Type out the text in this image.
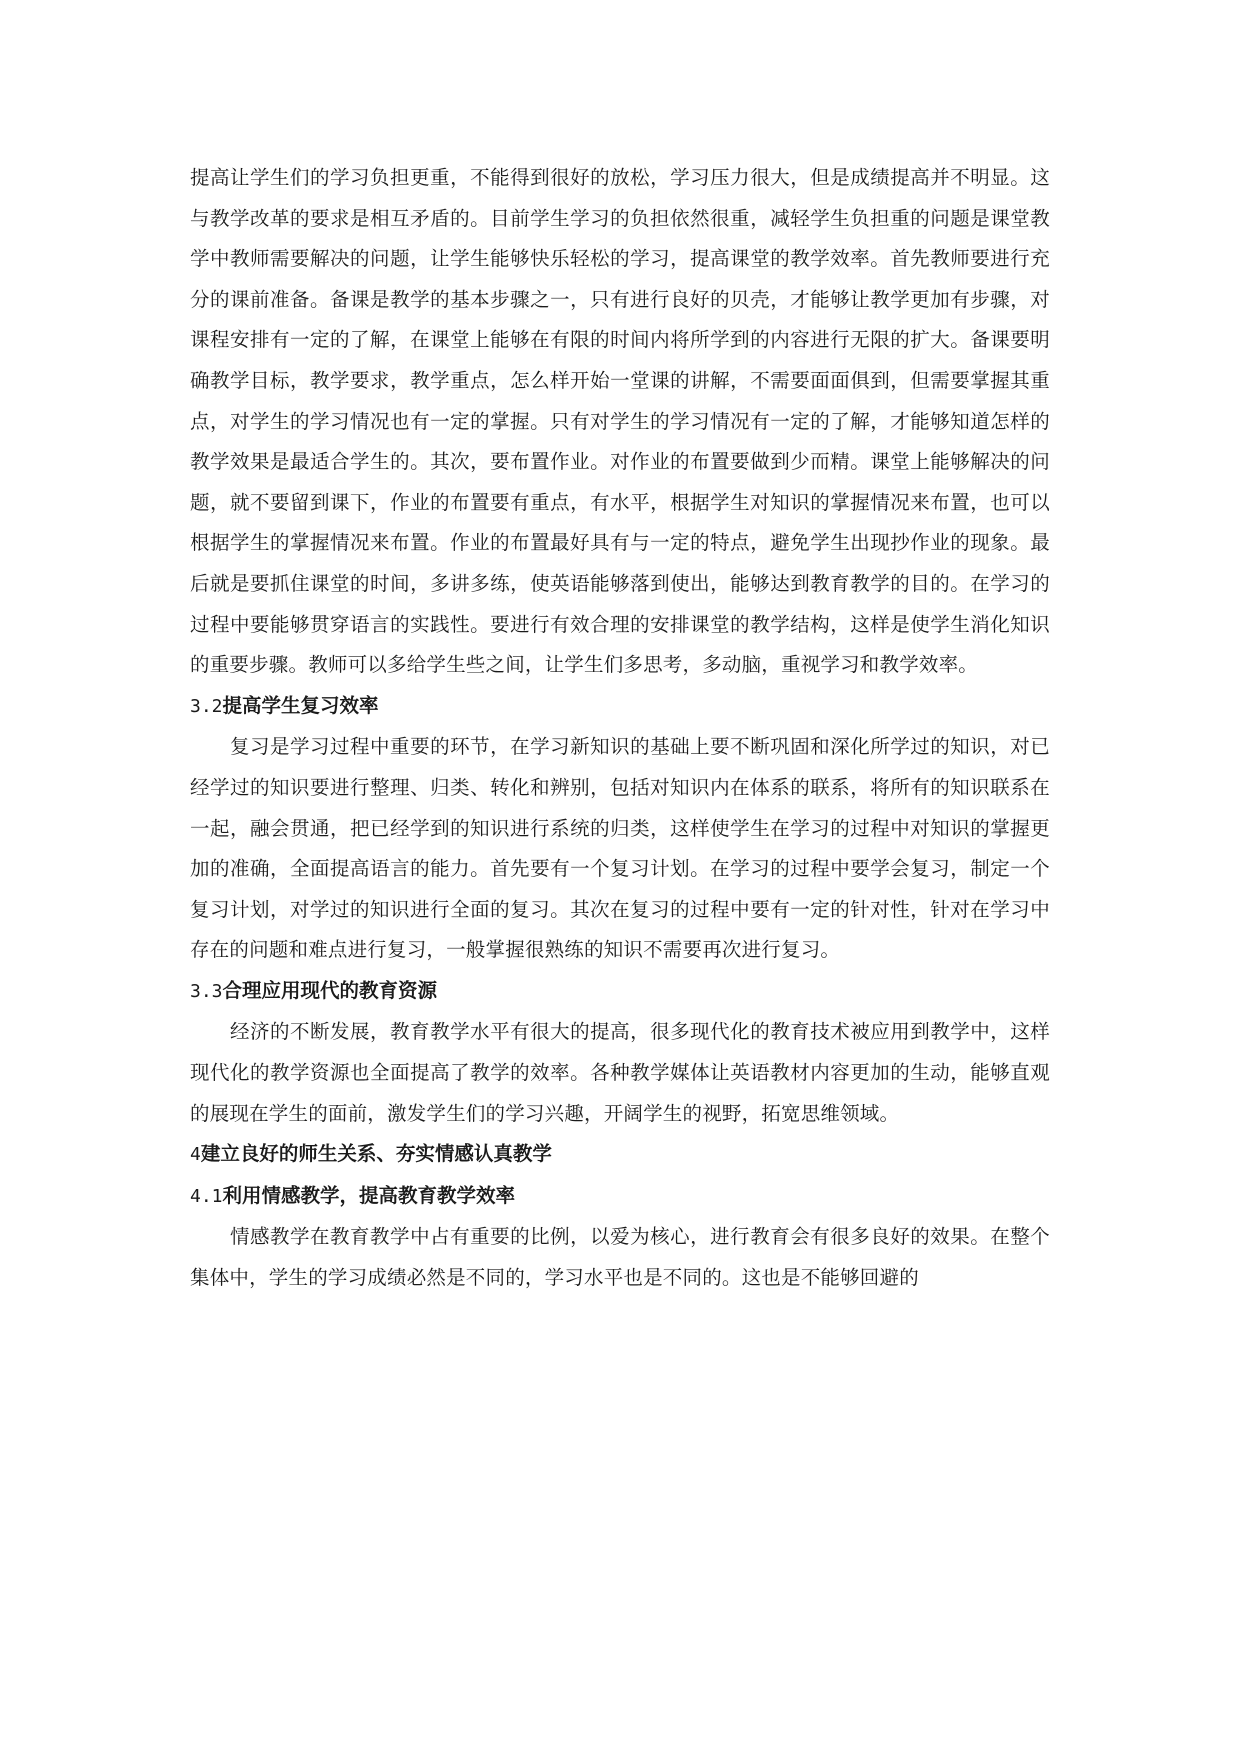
提高让学生们的学习负担更重，不能得到很好的放松，学习压力很大，但是成绩提高并不明显。这与教学改革的要求是相互矛盾的。目前学生学习的负担依然很重，减轻学生负担重的问题是课堂教学中教师需要解决的问题，让学生能够快乐轻松的学习，提高课堂的教学效率。首先教师要进行充分的课前准备。备课是教学的基本步骤之一，只有进行良好的贝壳，才能够让教学更加有步骤，对课程安排有一定的了解，在课堂上能够在有限的时间内将所学到的内容进行无限的扩大。备课要明确教学目标，教学要求，教学重点，怎么样开始一堂课的讲解，不需要面面俱到，但需要掌握其重点，对学生的学习情况也有一定的掌握。只有对学生的学习情况有一定的了解，才能够知道怎样的教学效果是最适合学生的。其次，要布置作业。对作业的布置要做到少而精。课堂上能够解决的问题，就不要留到课下，作业的布置要有重点，有水平，根据学生对知识的掌握情况来布置，也可以根据学生的掌握情况来布置。作业的布置最好具有与一定的特点，避免学生出现抄作业的现象。最后就是要抓住课堂的时间，多讲多练，使英语能够落到使出，能够达到教育教学的目的。在学习的过程中要能够贯穿语言的实践性。要进行有效合理的安排课堂的教学结构，这样是使学生消化知识的重要步骤。教师可以多给学生些之间，让学生们多思考，多动脑，重视学习和教学效率。

3.2提高学生复习效率

复习是学习过程中重要的环节，在学习新知识的基础上要不断巩固和深化所学过的知识，对已经学过的知识要进行整理、归类、转化和辨别，包括对知识内在体系的联系，将所有的知识联系在一起，融会贯通，把已经学到的知识进行系统的归类，这样使学生在学习的过程中对知识的掌握更加的准确，全面提高语言的能力。首先要有一个复习计划。在学习的过程中要学会复习，制定一个复习计划，对学过的知识进行全面的复习。其次在复习的过程中要有一定的针对性，针对在学习中存在的问题和难点进行复习，一般掌握很熟练的知识不需要再次进行复习。

3.3合理应用现代的教育资源

经济的不断发展，教育教学水平有很大的提高，很多现代化的教育技术被应用到教学中，这样现代化的教学资源也全面提高了教学的效率。各种教学媒体让英语教材内容更加的生动，能够直观的展现在学生的面前，激发学生们的学习兴趣，开阔学生的视野，拓宽思维领域。

4建立良好的师生关系、夯实情感认真教学
4.1利用情感教学，提高教育教学效率

情感教学在教育教学中占有重要的比例，以爱为核心，进行教育会有很多良好的效果。在整个集体中，学生的学习成绩必然是不同的，学习水平也是不同的。这也是不能够回避的
